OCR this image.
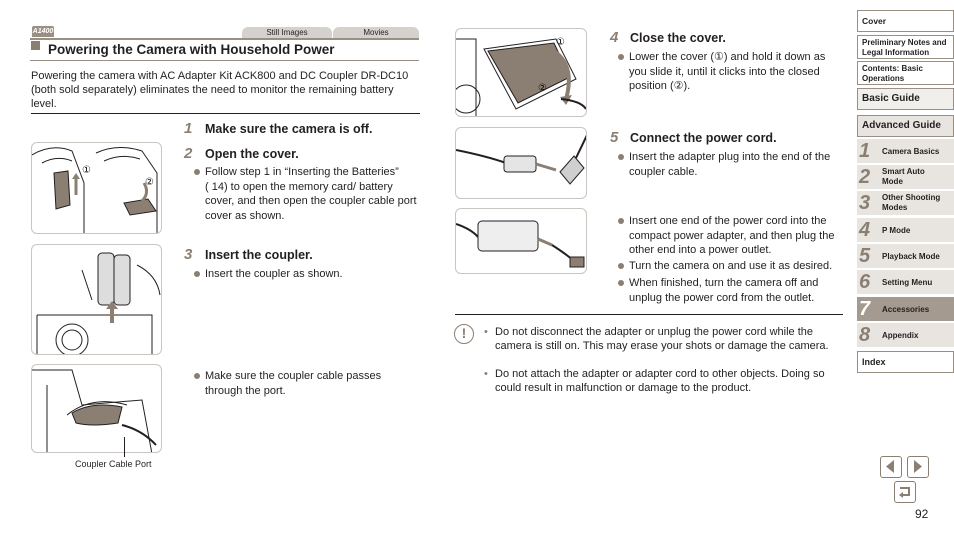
A1400	Still Images	Movies
Powering the Camera with Household Power
Powering the camera with AC Adapter Kit ACK800 and DC Coupler DR-DC10 (both sold separately) eliminates the need to monitor the remaining battery level.
①
②
Coupler Cable Port
1 Make sure the camera is off.
2 Open the cover.
Follow step 1 in “Inserting the Batteries” ( 14) to open the memory card/ battery cover, and then open the coupler cable port cover as shown.
3 Insert the coupler.
Insert the coupler as shown.
Make sure the coupler cable passes through the port.
①
②
4 Close the cover.
Lower the cover (①) and hold it down as you slide it, until it clicks into the closed position (②).
5 Connect the power cord.
Insert the adapter plug into the end of the coupler cable.
Insert one end of the power cord into the compact power adapter, and then plug the other end into a power outlet.
Turn the camera on and use it as desired.
When finished, turn the camera off and unplug the power cord from the outlet.
!
•	Do not disconnect the adapter or unplug the power cord while the camera is still on. This may erase your shots or damage the camera.
• Do not attach the adapter or adapter cord to other objects. Doing so could result in malfunction or damage to the product.
Cover
Preliminary Notes and Legal Information
Contents: Basic Operations
Basic Guide
Advanced Guide
1 Camera Basics
2 Smart Auto Mode
3 Other Shooting Modes
4 P Mode
5 Playback Mode
6 Setting Menu
7 Accessories
8 Appendix
Index
92
